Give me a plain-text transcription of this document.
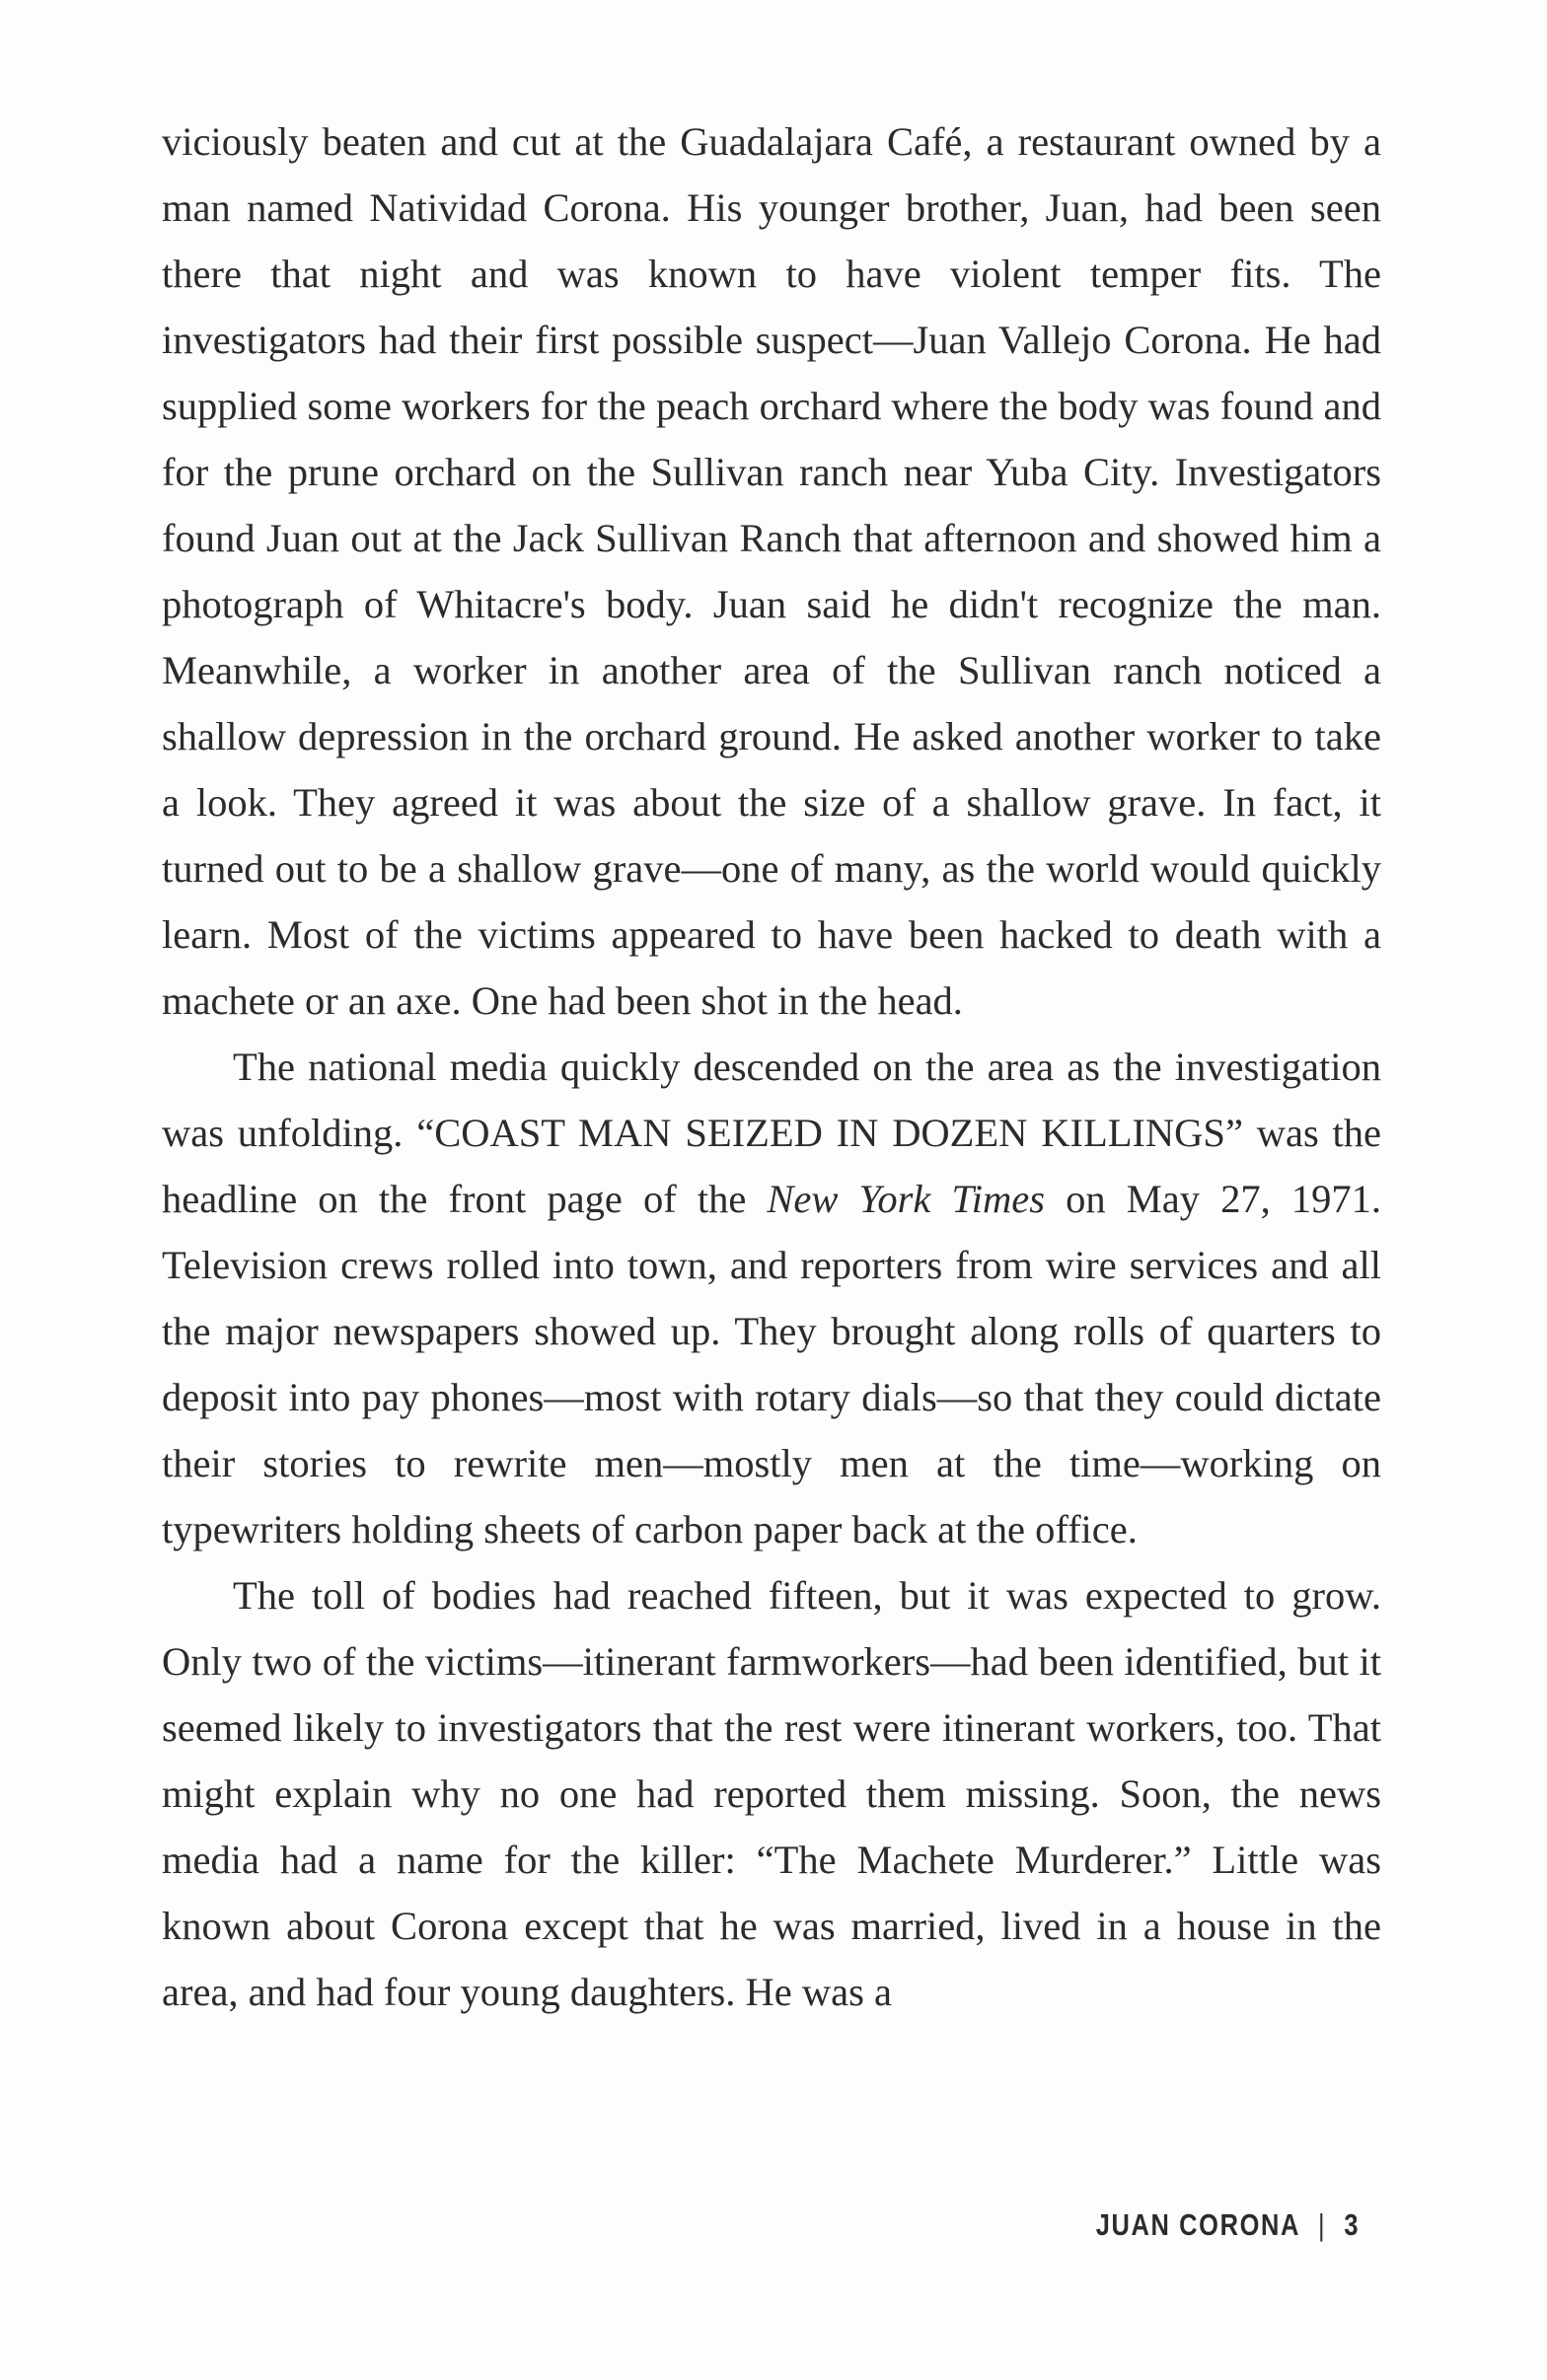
viciously beaten and cut at the Guadalajara Café, a restaurant owned by a man named Natividad Corona. His younger brother, Juan, had been seen there that night and was known to have violent temper fits. The investigators had their first possible suspect—Juan Vallejo Corona. He had supplied some workers for the peach orchard where the body was found and for the prune orchard on the Sullivan ranch near Yuba City. Investigators found Juan out at the Jack Sullivan Ranch that afternoon and showed him a photograph of Whitacre's body. Juan said he didn't recognize the man. Meanwhile, a worker in another area of the Sullivan ranch noticed a shallow depression in the orchard ground. He asked another worker to take a look. They agreed it was about the size of a shallow grave. In fact, it turned out to be a shallow grave—one of many, as the world would quickly learn. Most of the victims appeared to have been hacked to death with a machete or an axe. One had been shot in the head.

The national media quickly descended on the area as the investigation was unfolding. “COAST MAN SEIZED IN DOZEN KILLINGS” was the headline on the front page of the New York Times on May 27, 1971. Television crews rolled into town, and reporters from wire services and all the major newspapers showed up. They brought along rolls of quarters to deposit into pay phones—most with rotary dials—so that they could dictate their stories to rewrite men—mostly men at the time—working on typewriters holding sheets of carbon paper back at the office.

The toll of bodies had reached fifteen, but it was expected to grow. Only two of the victims—itinerant farmworkers—had been identified, but it seemed likely to investigators that the rest were itinerant workers, too. That might explain why no one had reported them missing. Soon, the news media had a name for the killer: “The Machete Murderer.” Little was known about Corona except that he was married, lived in a house in the area, and had four young daughters. He was a

JUAN CORONA | 3
